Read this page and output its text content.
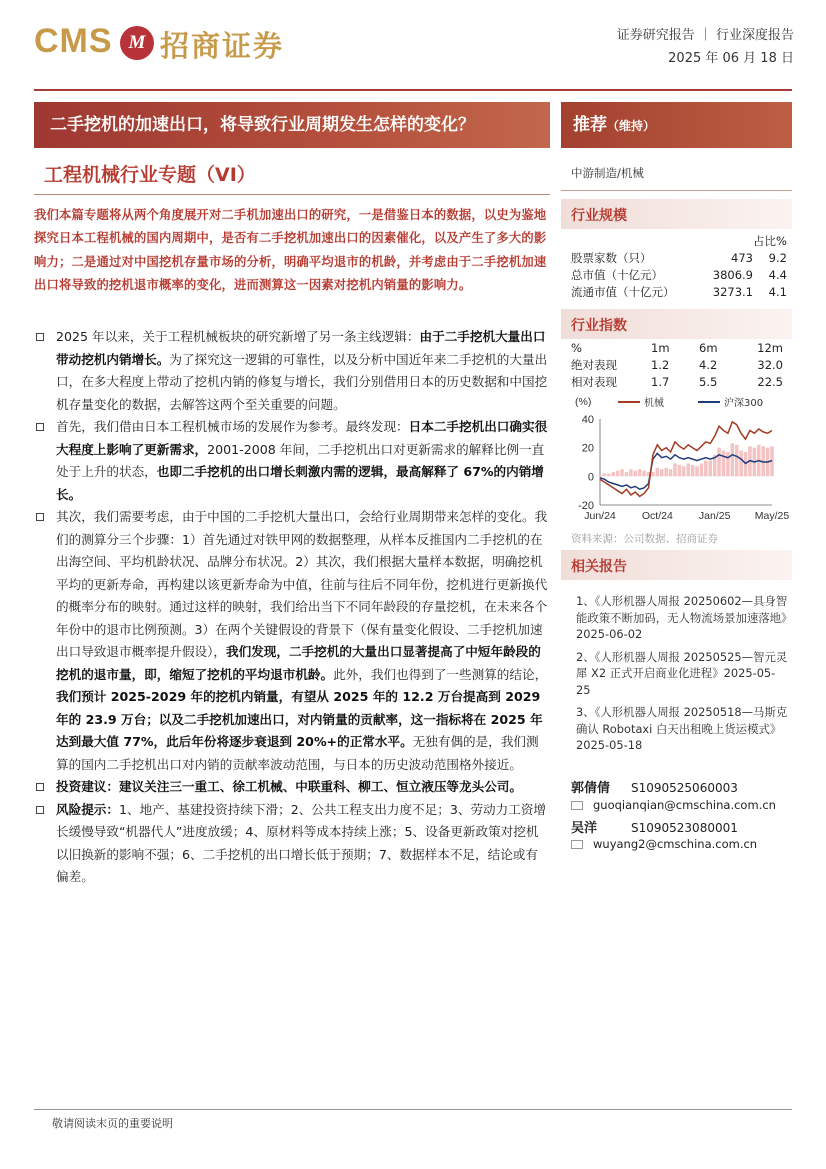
CMS M 招商证券	证券研究报告 ｜ 行业深度报告
2025 年 06 月 18 日
二手挖机的加速出口，将导致行业周期发生怎样的变化？	推荐（维持）
工程机械行业专题（VI）
我们本篇专题将从两个角度展开对二手机加速出口的研究，一是借鉴日本的数据，以史为鉴地探究日本工程机械的国内周期中，是否有二手挖机加速出口的因素催化，以及产生了多大的影响力；二是通过对中国挖机存量市场的分析，明确平均退市的机龄，并考虑由于二手挖机加速出口将导致的挖机退市概率的变化，进而测算这一因素对挖机内销量的影响力。
2025 年以来，关于工程机械板块的研究新增了另一条主线逻辑：由于二手挖机大量出口带动挖机内销增长。为了探究这一逻辑的可靠性，以及分析中国近年来二手挖机的大量出口，在多大程度上带动了挖机内销的修复与增长，我们分别借用日本的历史数据和中国挖机存量变化的数据，去解答这两个至关重要的问题。
首先，我们借由日本工程机械市场的发展作为参考。最终发现：日本二手挖机出口确实很大程度上影响了更新需求，2001-2008 年间，二手挖机出口对更新需求的解释比例一直处于上升的状态，也即二手挖机的出口增长刺激内需的逻辑，最高解释了 67%的内销增长。
其次，我们需要考虑，由于中国的二手挖机大量出口，会给行业周期带来怎样的变化。我们的测算分三个步骤：1）首先通过对铁甲网的数据整理，从样本反推国内二手挖机的在出海空间、平均机龄状况、品牌分布状况。2）其次，我们根据大量样本数据，明确挖机平均的更新寿命，再构建以该更新寿命为中值，往前与往后不同年份，挖机进行更新换代的概率分布的映射。通过这样的映射，我们给出当下不同年龄段的存量挖机，在未来各个年份中的退市比例预测。3）在两个关键假设的背景下（保有量变化假设、二手挖机加速出口导致退市概率提升假设），我们发现，二手挖机的大量出口显著提高了中短年龄段的挖机的退市量，即，缩短了挖机的平均退市机龄。此外，我们也得到了一些测算的结论，我们预计 2025-2029 年的挖机内销量，有望从 2025 年的 12.2 万台提高到 2029 年的 23.9 万台；以及二手挖机加速出口，对内销量的贡献率，这一指标将在 2025 年达到最大值 77%，此后年份将逐步衰退到 20%+的正常水平。无独有偶的是，我们测算的国内二手挖机出口对内销的贡献率波动范围，与日本的历史波动范围格外接近。
投资建议：建议关注三一重工、徐工机械、中联重科、柳工、恒立液压等龙头公司。
风险提示：1、地产、基建投资持续下滑；2、公共工程支出力度不足；3、劳动力工资增长缓慢导致“机器代人”进度放缓；4、原材料等成本持续上涨；5、设备更新政策对挖机以旧换新的影响不强；6、二手挖机的出口增长低于预期；7、数据样本不足，结论或有偏差。
中游制造/机械
行业规模
		占比%
股票家数（只）	473	9.2
总市值（十亿元）	3806.9	4.4
流通市值（十亿元）	3273.1	4.1
行业指数
%	1m	6m	12m
绝对表现	1.2	4.2	32.0
相对表现	1.7	5.5	22.5
(%)	机械	沪深300
-20
0
20
40
Jun/24 Oct/24 Jan/25 May/25
资料来源：公司数据、招商证券
相关报告
1、《人形机器人周报 20250602—具身智能政策不断加码，无人物流场景加速落地》2025-06-02
2、《人形机器人周报 20250525—智元灵犀 X2 正式开启商业化进程》2025-05-25
3、《人形机器人周报 20250518—马斯克确认 Robotaxi 白天出租晚上货运模式》2025-05-18
郭倩倩 S1090525060003
guoqianqian@cmschina.com.cn
吴洋	S1090523080001
wuyang2@cmschina.com.cn
敬请阅读末页的重要说明
